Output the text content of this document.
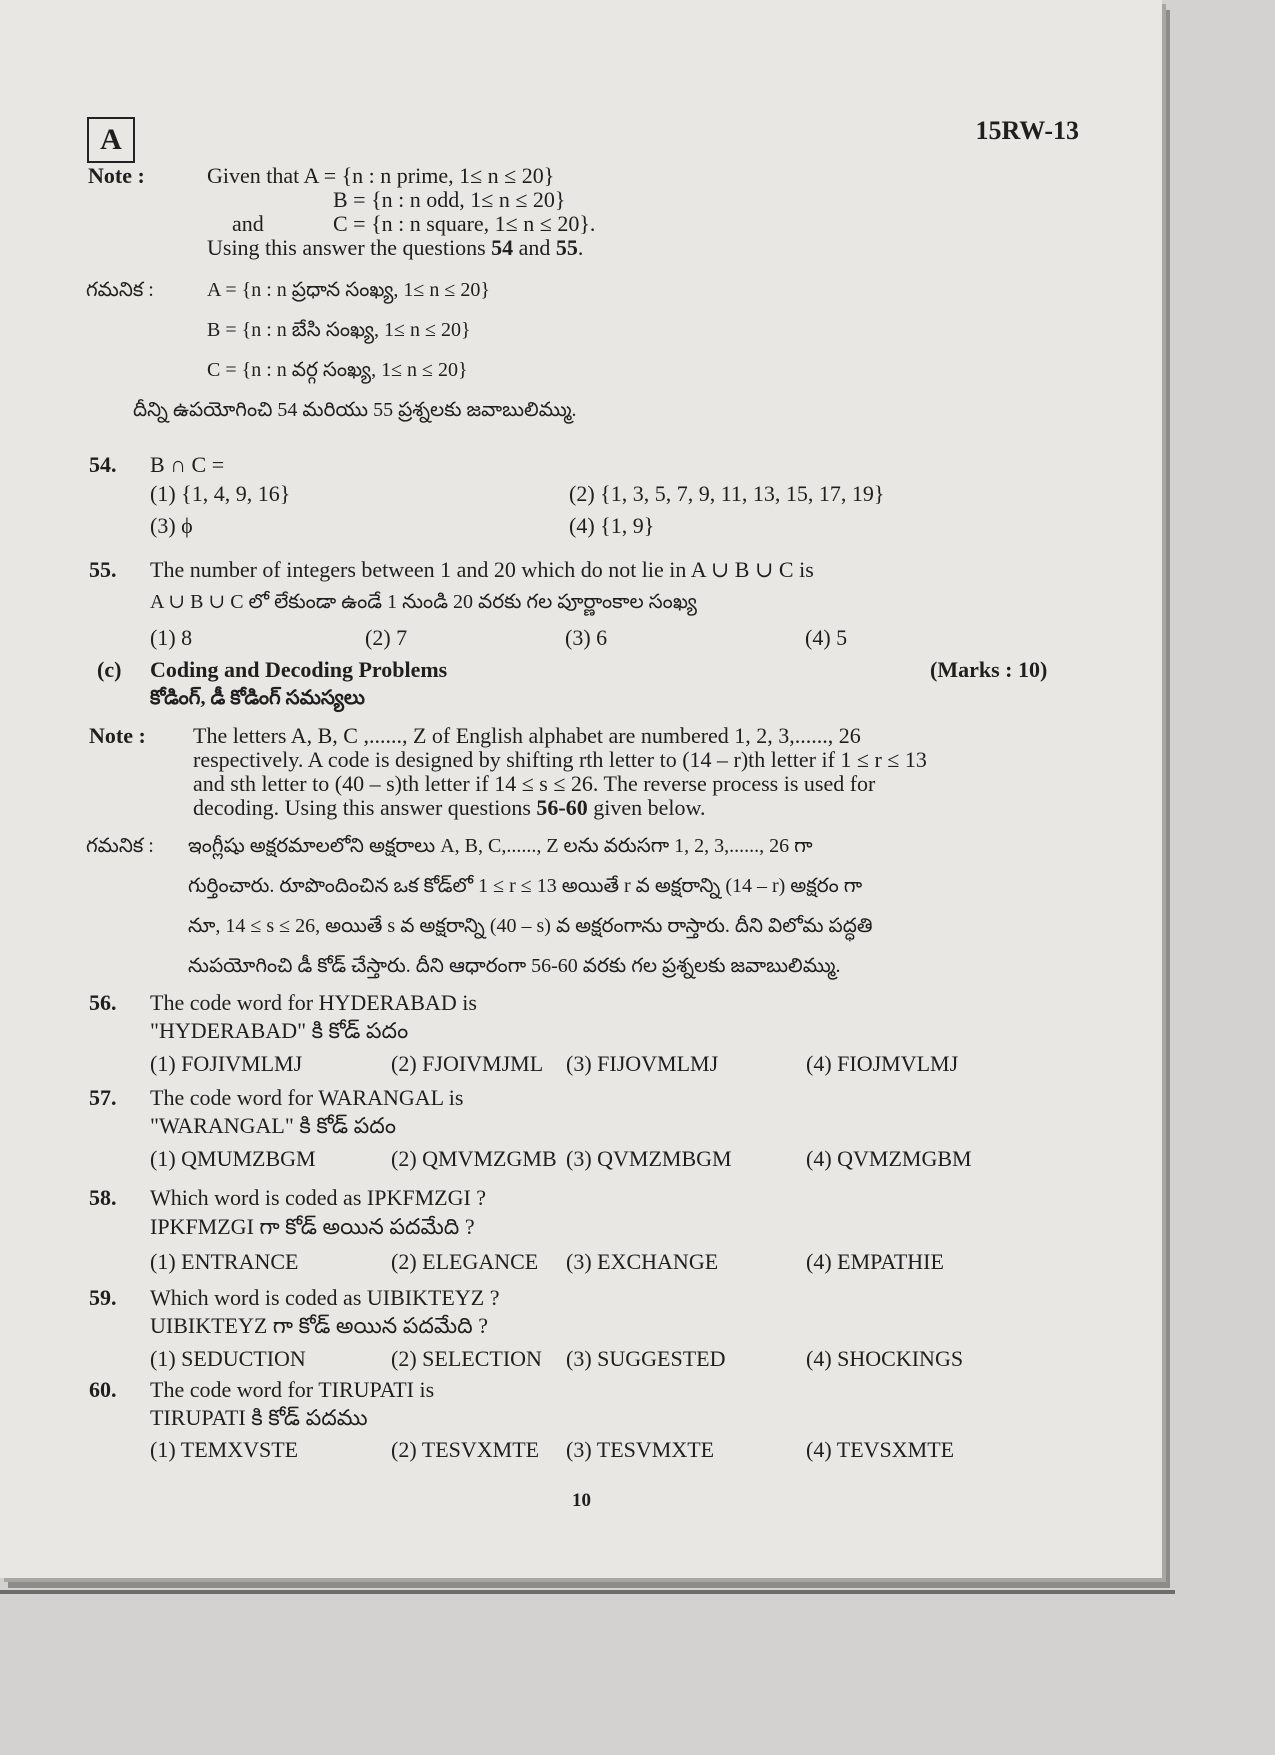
A	15RW-13
Note :	Given that A = {n : n prime, 1≤ n ≤ 20}
B = {n : n odd, 1≤ n ≤ 20}
and	C = {n : n square, 1≤ n ≤ 20}.
Using this answer the questions 54 and 55.
గమనిక :	A = {n : n ప్రధాన సంఖ్య, 1≤ n ≤ 20}
B = {n : n బేసి సంఖ్య, 1≤ n ≤ 20}
C = {n : n వర్గ సంఖ్య, 1≤ n ≤ 20}
దీన్ని ఉపయోగించి 54 మరియు 55 ప్రశ్నలకు జవాబులిమ్ము.
54. B ∩ C =
(1) {1, 4, 9, 16}	(2) {1, 3, 5, 7, 9, 11, 13, 15, 17, 19}
(3) ϕ	(4) {1, 9}
55. The number of integers between 1 and 20 which do not lie in A ∪ B ∪ C is
A ∪ B ∪ C లో లేకుండా ఉండే 1 నుండి 20 వరకు గల పూర్ణాంకాల సంఖ్య
(1) 8	(2) 7	(3) 6	(4) 5
(c) Coding and Decoding Problems	(Marks : 10)
కోడింగ్, డీ కోడింగ్ సమస్యలు
Note : The letters A, B, C ,......, Z of English alphabet are numbered 1, 2, 3,......, 26
respectively. A code is designed by shifting rth letter to (14 – r)th letter if 1 ≤ r ≤ 13
and sth letter to (40 – s)th letter if 14 ≤ s ≤ 26. The reverse process is used for
decoding. Using this answer questions 56-60 given below.
గమనిక : ఇంగ్లీషు అక్షరమాలలోని అక్షరాలు A, B, C,......, Z లను వరుసగా 1, 2, 3,......, 26 గా
గుర్తించారు. రూపొందించిన ఒక కోడ్‌లో 1 ≤ r ≤ 13 అయితే r వ అక్షరాన్ని (14 – r) అక్షరం గా
నూ, 14 ≤ s ≤ 26, అయితే s వ అక్షరాన్ని (40 – s) వ అక్షరంగాను రాస్తారు. దీని విలోమ పద్ధతి
నుపయోగించి డీ కోడ్ చేస్తారు. దీని ఆధారంగా 56-60 వరకు గల ప్రశ్నలకు జవాబులిమ్ము.
56. The code word for HYDERABAD is
"HYDERABAD" కి కోడ్ పదం
(1) FOJIVMLMJ	(2) FJOIVMJML (3) FIJOVMLMJ	(4) FIOJMVLMJ
57. The code word for WARANGAL is
"WARANGAL" కి కోడ్ పదం
(1) QMUMZBGM	(2) QMVMZGMB (3) QVMZMBGM	(4) QVMZMGBM
58. Which word is coded as IPKFMZGI ?
IPKFMZGI గా కోడ్ అయిన పదమేది ?
(1) ENTRANCE	(2) ELEGANCE (3) EXCHANGE	(4) EMPATHIE
59. Which word is coded as UIBIKTEYZ ?
UIBIKTEYZ గా కోడ్ అయిన పదమేది ?
(1) SEDUCTION	(2) SELECTION (3) SUGGESTED	(4) SHOCKINGS
60. The code word for TIRUPATI is
TIRUPATI కి కోడ్ పదము
(1) TEMXVSTE	(2) TESVXMTE (3) TESVMXTE	(4) TEVSXMTE
10
